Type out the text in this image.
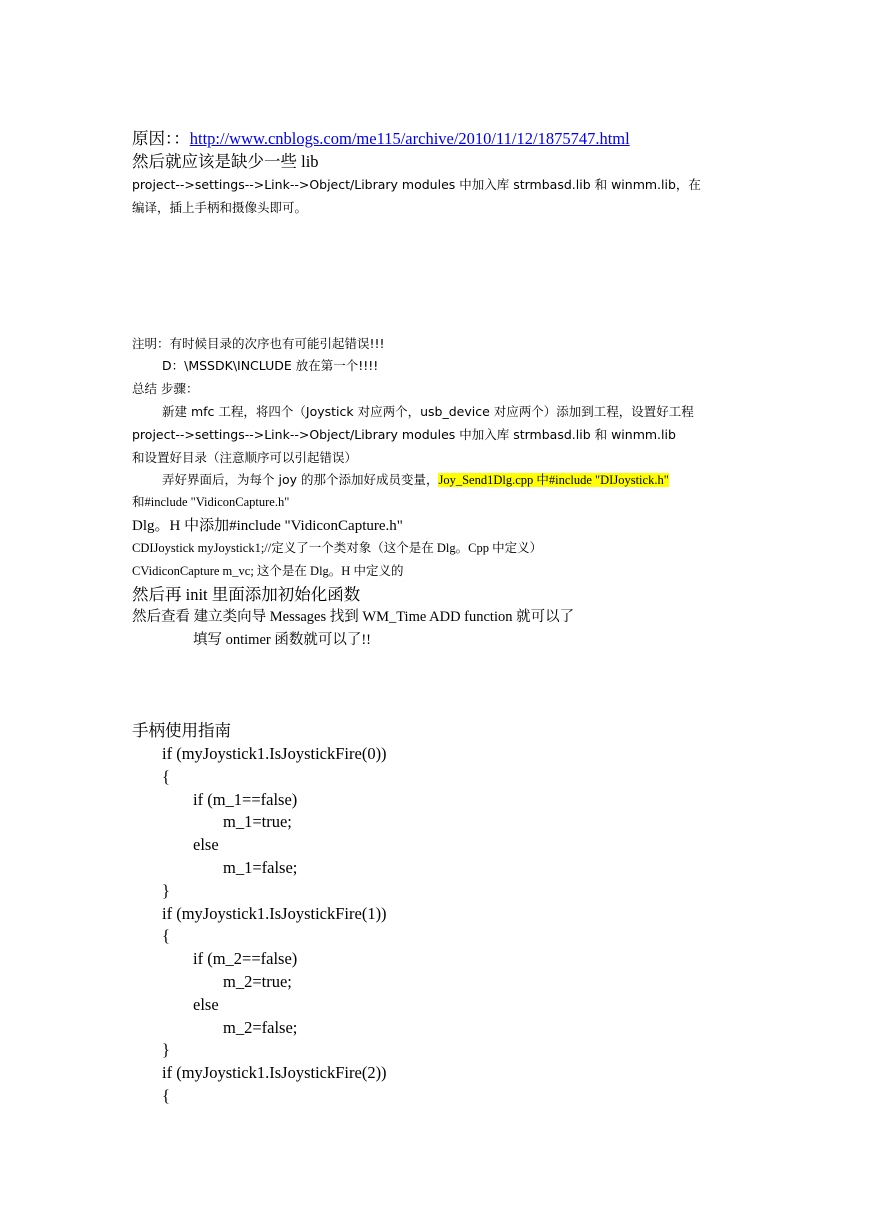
原因：：http://www.cnblogs.com/me115/archive/2010/11/12/1875747.html
然后就应该是缺少一些 lib
project-->settings-->Link-->Object/Library modules 中加入库 strmbasd.lib 和 winmm.lib，在
编译，插上手柄和摄像头即可。
注明：有时候目录的次序也有可能引起错误!!!
D：\MSSDK\INCLUDE 放在第一个!!!!
总结 步骤：
新建 mfc 工程，将四个（Joystick 对应两个，usb_device 对应两个）添加到工程，设置好工程
project-->settings-->Link-->Object/Library modules 中加入库 strmbasd.lib 和 winmm.lib
和设置好目录（注意顺序可以引起错误）
弄好界面后，为每个 joy 的那个添加好成员变量，Joy_Send1Dlg.cpp 中#include "DIJoystick.h"
和#include "VidiconCapture.h"
Dlg。H 中添加#include "VidiconCapture.h"
CDIJoystick myJoystick1;//定义了一个类对象（这个是在 Dlg。Cpp 中定义）
CVidiconCapture m_vc; 这个是在 Dlg。H 中定义的
然后再 init 里面添加初始化函数
然后查看 建立类向导 Messages 找到 WM_Time ADD function 就可以了
填写 ontimer 函数就可以了!!
手柄使用指南
if (myJoystick1.IsJoystickFire(0))
{
if (m_1==false)
m_1=true;
else
m_1=false;
}
if (myJoystick1.IsJoystickFire(1))
{
if (m_2==false)
m_2=true;
else
m_2=false;
}
if (myJoystick1.IsJoystickFire(2))
{
